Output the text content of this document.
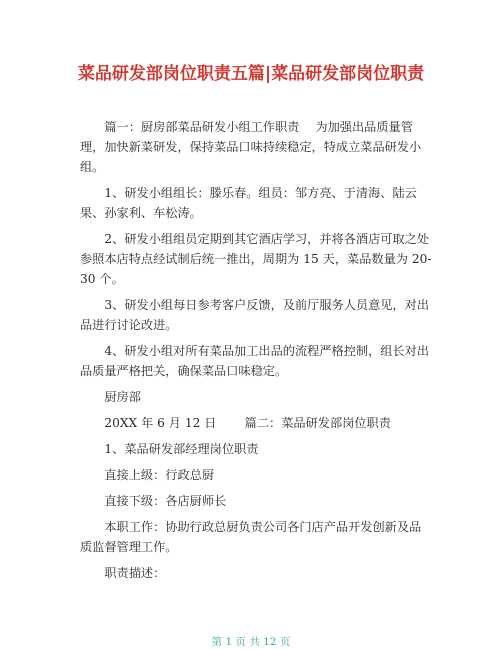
菜品研发部岗位职责五篇|菜品研发部岗位职责
　　篇一：厨房部菜品研发小组工作职责　 为加强出品质量管
理，加快新菜研发，保持菜品口味持续稳定，特成立菜品研发小
组。
　　1、研发小组组长：滕乐春。组员：邹方亮、于清海、陆云
果、孙家利、车松涛。
　　2、研发小组组员定期到其它酒店学习，并将各酒店可取之处
参照本店特点经试制后统一推出，周期为 15 天，菜品数量为 20-
30 个。
　　3、研发小组每日参考客户反馈，及前厅服务人员意见，对出
品进行讨论改进。
　　4、研发小组对所有菜品加工出品的流程严格控制，组长对出
品质量严格把关，确保菜品口味稳定。
　　厨房部
　　20XX 年 6 月 12 日　　 篇二：菜品研发部岗位职责
　　1、菜品研发部经理岗位职责
　　直接上级：行政总厨
　　直接下级：各店厨师长
　　本职工作：协助行政总厨负责公司各门店产品开发创新及品
质监督管理工作。
　　职责描述：
第 1 页 共 12 页
